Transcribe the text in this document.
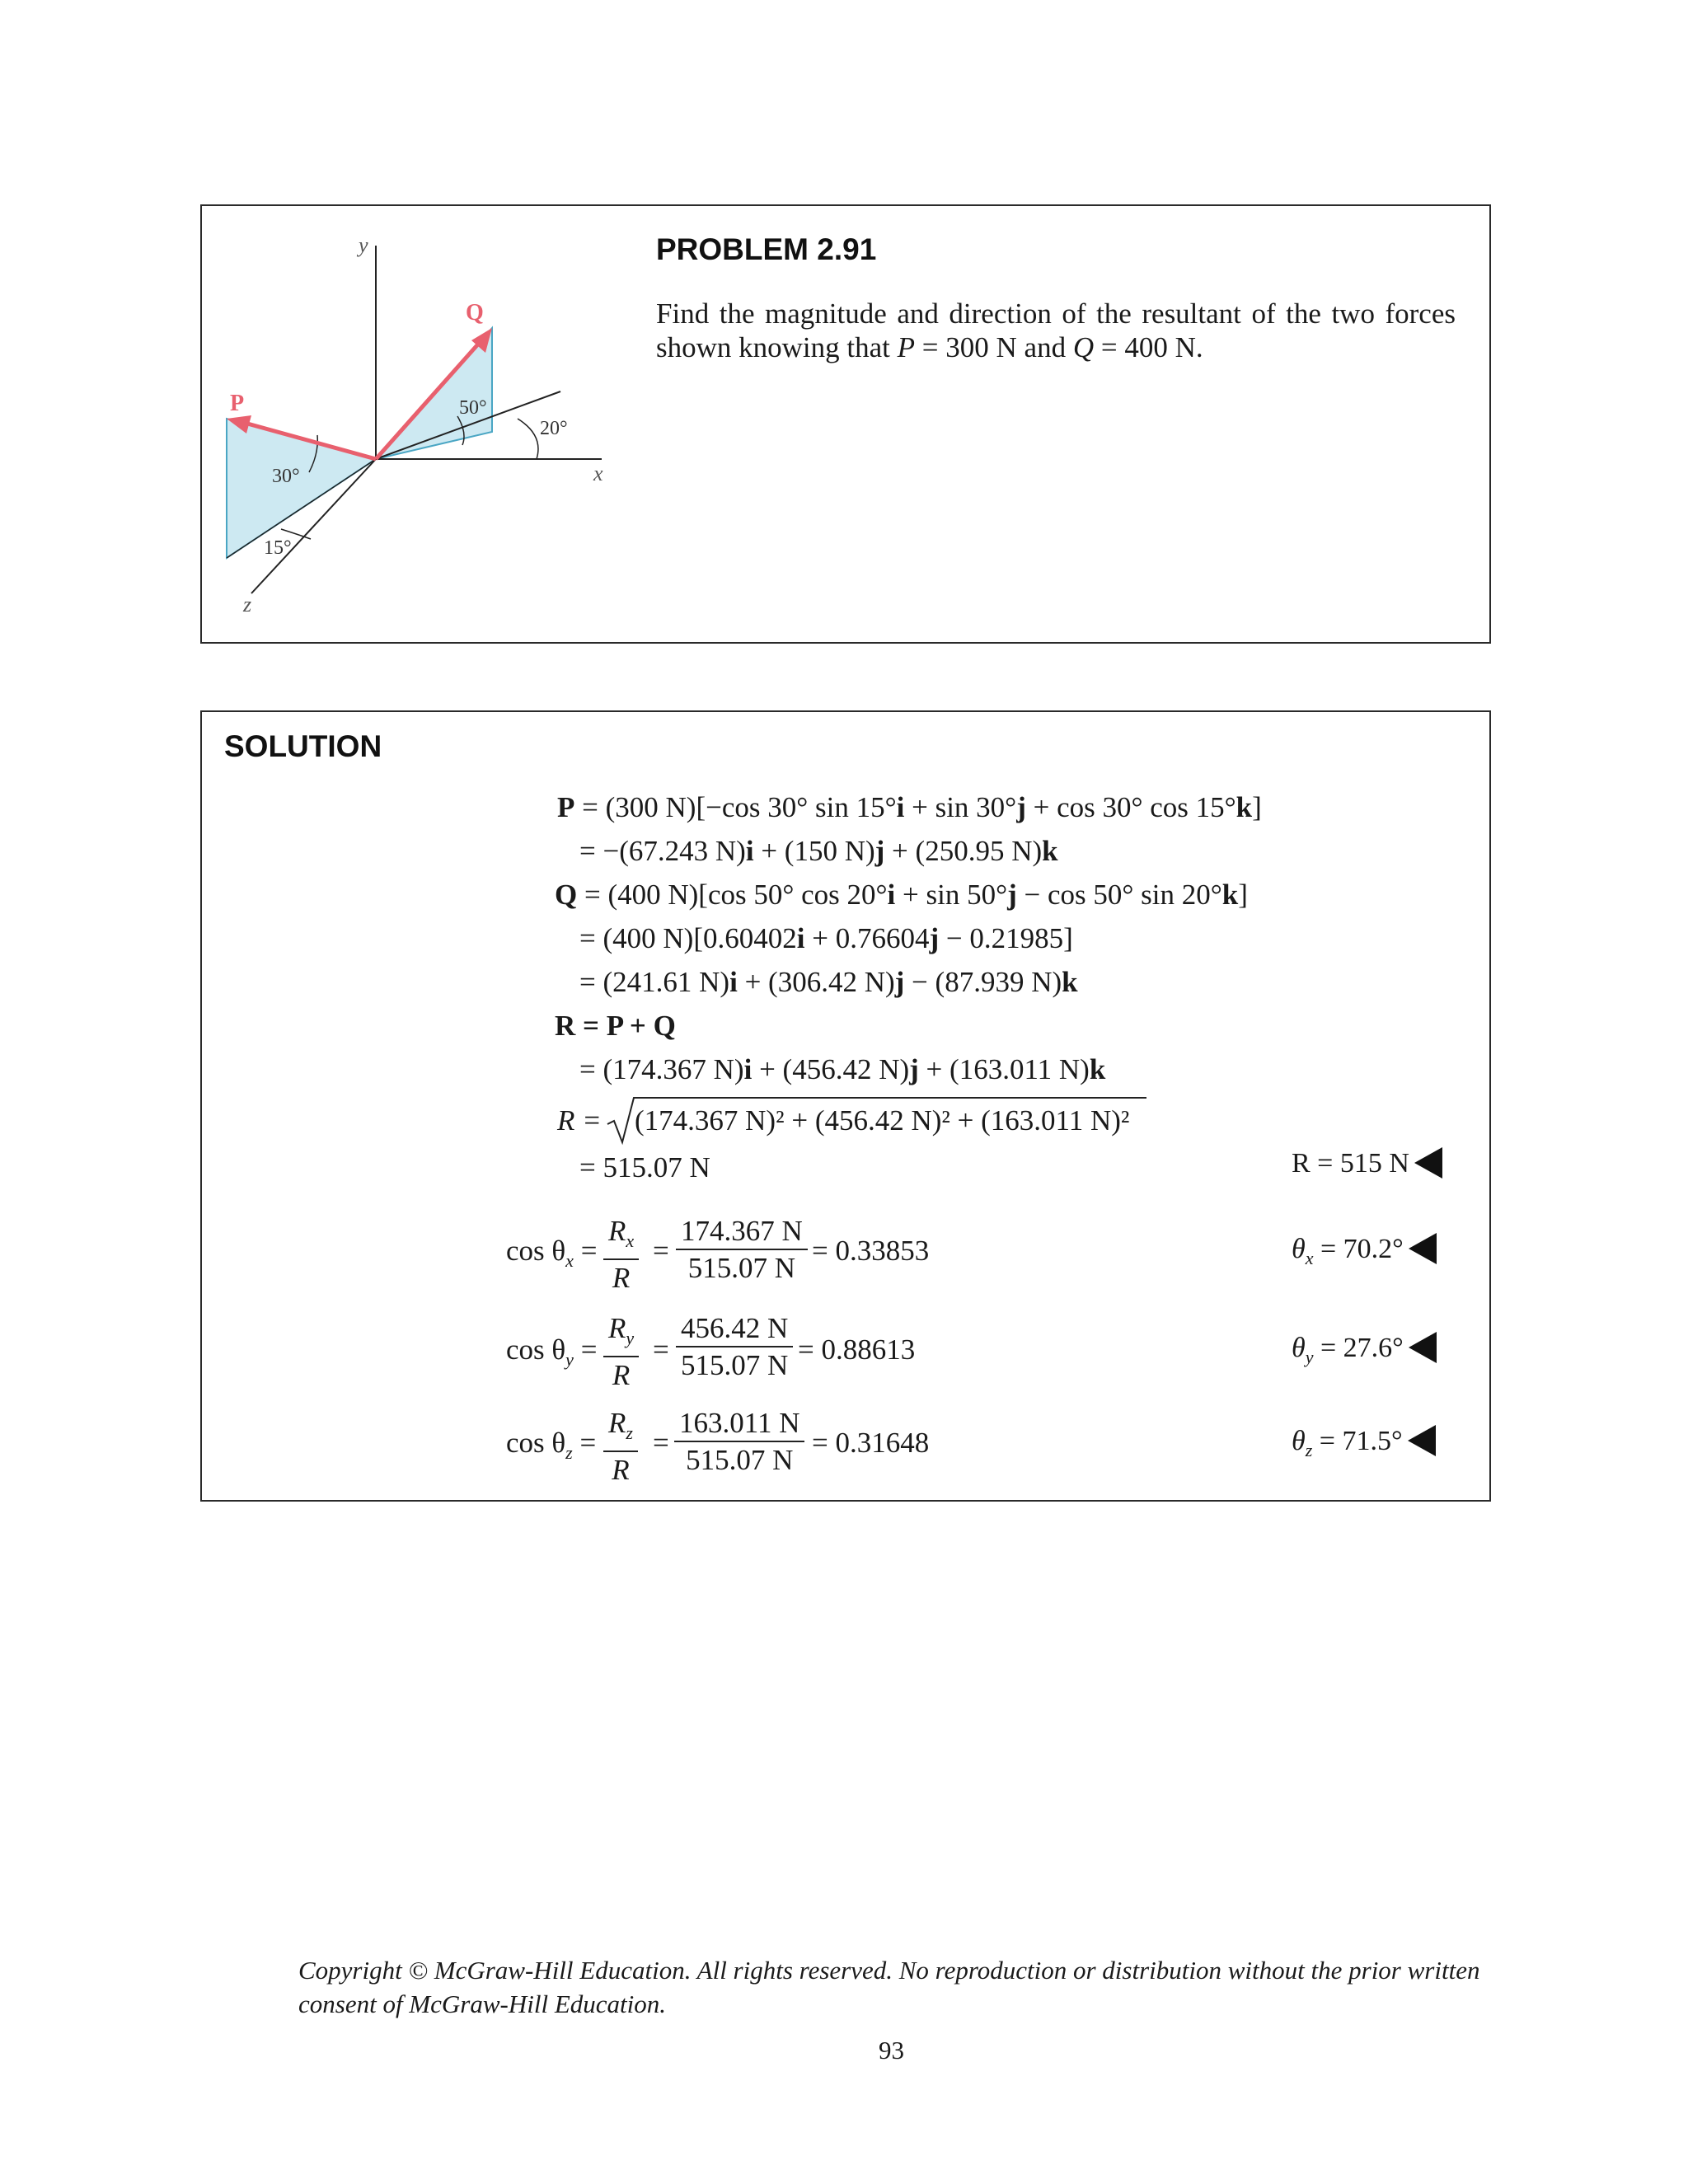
y
x
z
P
Q
50°
20°
30°
15°
PROBLEM 2.91
Find the magnitude and direction of the resultant of the two forces shown knowing that P = 300 N and Q = 400 N.
SOLUTION
P = (300 N)[−cos 30° sin 15°i + sin 30°j + cos 30° cos 15°k]
= −(67.243 N)i + (150 N)j + (250.95 N)k
Q = (400 N)[cos 50° cos 20°i + sin 50°j − cos 50° sin 20°k]
= (400 N)[0.60402i + 0.76604j − 0.21985]
= (241.61 N)i + (306.42 N)j − (87.939 N)k
R = P + Q
= (174.367 N)i + (456.42 N)j + (163.011 N)k
R = (174.367 N)² + (456.42 N)² + (163.011 N)²
= 515.07 N	R = 515 N
$\cos \theta_x = \frac{R_x}{R} = \frac{174.367 N}{515.07 N} = 0.33853$	$\theta_x = 70.2^\circ$
$\cos \theta_y = \frac{R_y}{R} = \frac{456.42 N}{515.07 N} = 0.88613$	$\theta_y = 27.6^\circ$
$\cos \theta_z = \frac{R_z}{R} = \frac{163.011 N}{515.07 N} = 0.31648$	$\theta_z = 71.5^\circ$
Copyright © McGraw-Hill Education. All rights reserved. No reproduction or distribution without the prior written consent of McGraw-Hill Education.
93
